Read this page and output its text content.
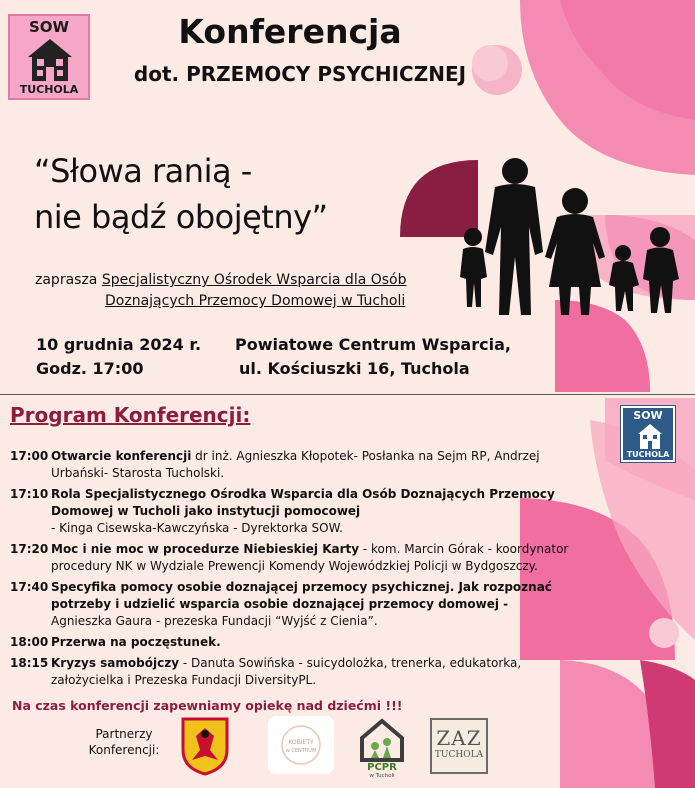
SOW
TUCHOLA
Konferencja
dot. PRZEMOCY PSYCHICZNEJ
“Słowa ranią -
nie bądź obojętny”
zaprasza Specjalistyczny Ośrodek Wsparcia dla Osób
Doznających Przemocy Domowej w Tucholi
10 grudnia 2024 r.
Godz. 17:00
Powiatowe Centrum Wsparcia,
ul. Kościuszki 16, Tuchola
Program Konferencji:	SOW
TUCHOLA
17:00 Otwarcie konferencji dr inż. Agnieszka Kłopotek- Posłanka na Sejm RP, Andrzej Urbański- Starosta Tucholski.
17:10 Rola Specjalistycznego Ośrodka Wsparcia dla Osób Doznających Przemocy Domowej w Tucholi jako instytucji pomocowej
- Kinga Cisewska-Kawczyńska - Dyrektorka SOW.
17:20 Moc i nie moc w procedurze Niebieskiej Karty - kom. Marcin Górak - koordynator procedury NK w Wydziale Prewencji Komendy Wojewódzkiej Policji w Bydgoszczy.
17:40 Specyfika pomocy osobie doznającej przemocy psychicznej. Jak rozpoznać potrzeby i udzielić wsparcia osobie doznającej przemocy domowej - Agnieszka Gaura - prezeska Fundacji “Wyjść z Cienia”.
18:00 Przerwa na poczęstunek.
18:15 Kryzys samobójczy - Danuta Sowińska - suicydolożka, trenerka, edukatorka, założycielka i Prezeska Fundacji DiversityPL.
Na czas konferencji zapewniamy opiekę nad dziećmi !!!
Partnerzy
Konferencji:
KOBIETY
w CENTRUM
PCPR
w Tucholi
ZAZ
TUCHOLA
